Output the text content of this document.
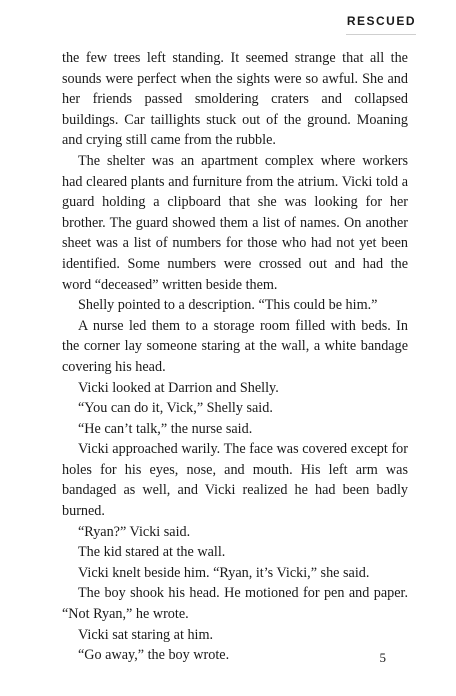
RESCUED

the few trees left standing. It seemed strange that all the sounds were perfect when the sights were so awful. She and her friends passed smoldering craters and collapsed buildings. Car taillights stuck out of the ground. Moaning and crying still came from the rubble.

The shelter was an apartment complex where workers had cleared plants and furniture from the atrium. Vicki told a guard holding a clipboard that she was looking for her brother. The guard showed them a list of names. On another sheet was a list of numbers for those who had not yet been identified. Some numbers were crossed out and had the word “deceased” written beside them.

Shelly pointed to a description. “This could be him.”

A nurse led them to a storage room filled with beds. In the corner lay someone staring at the wall, a white bandage covering his head.

Vicki looked at Darrion and Shelly.

“You can do it, Vick,” Shelly said.

“He can’t talk,” the nurse said.

Vicki approached warily. The face was covered except for holes for his eyes, nose, and mouth. His left arm was bandaged as well, and Vicki realized he had been badly burned.

“Ryan?” Vicki said.

The kid stared at the wall.

Vicki knelt beside him. “Ryan, it’s Vicki,” she said.

The boy shook his head. He motioned for pen and paper. “Not Ryan,” he wrote.

Vicki sat staring at him.

“Go away,” the boy wrote.	5
